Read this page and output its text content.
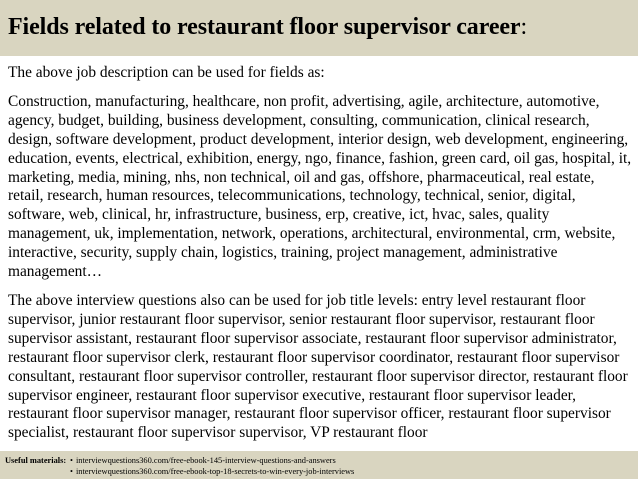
Fields related to restaurant floor supervisor career:

The above job description can be used for fields as:

Construction, manufacturing, healthcare, non profit, advertising, agile, architecture, automotive, agency, budget, building, business development, consulting, communication, clinical research, design, software development, product development, interior design, web development, engineering, education, events, electrical, exhibition, energy, ngo, finance, fashion, green card, oil gas, hospital, it, marketing, media, mining, nhs, non technical, oil and gas, offshore, pharmaceutical, real estate, retail, research, human resources, telecommunications, technology, technical, senior, digital, software, web, clinical, hr, infrastructure, business, erp, creative, ict, hvac, sales, quality management, uk, implementation, network, operations, architectural, environmental, crm, website, interactive, security, supply chain, logistics, training, project management, administrative management…

The above interview questions also can be used for job title levels: entry level restaurant floor supervisor, junior restaurant floor supervisor, senior restaurant floor supervisor, restaurant floor supervisor assistant, restaurant floor supervisor associate, restaurant floor supervisor administrator, restaurant floor supervisor clerk, restaurant floor supervisor coordinator, restaurant floor supervisor consultant, restaurant floor supervisor controller, restaurant floor supervisor director, restaurant floor supervisor engineer, restaurant floor supervisor executive, restaurant floor supervisor leader, restaurant floor supervisor manager, restaurant floor supervisor officer, restaurant floor supervisor specialist, restaurant floor supervisor supervisor, VP restaurant floor

Useful materials: • interviewquestions360.com/free-ebook-145-interview-questions-and-answers
• interviewquestions360.com/free-ebook-top-18-secrets-to-win-every-job-interviews
